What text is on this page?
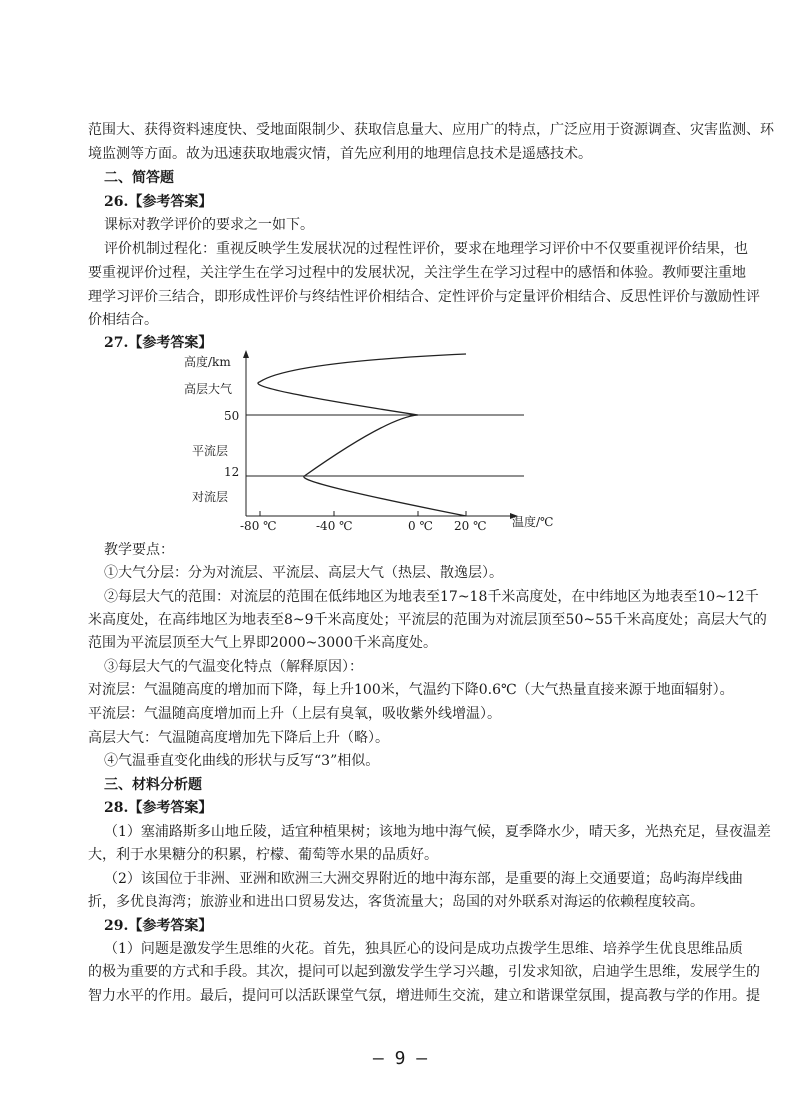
范围大、获得资料速度快、受地面限制少、获取信息量大、应用广的特点，广泛应用于资源调查、灾害监测、环
境监测等方面。故为迅速获取地震灾情，首先应利用的地理信息技术是遥感技术。
二、简答题
26.【参考答案】
课标对教学评价的要求之一如下。
评价机制过程化：重视反映学生发展状况的过程性评价，要求在地理学习评价中不仅要重视评价结果，也
要重视评价过程，关注学生在学习过程中的发展状况，关注学生在学习过程中的感悟和体验。教师要注重地
理学习评价三结合，即形成性评价与终结性评价相结合、定性评价与定量评价相结合、反思性评价与激励性评
价相结合。
27.【参考答案】
高度/km
高层大气
50
平流层
12
对流层
-80 ℃	-40 ℃	0 ℃ 20 ℃ 温度/℃
教学要点：
①大气分层：分为对流层、平流层、高层大气（热层、散逸层）。
②每层大气的范围：对流层的范围在低纬地区为地表至17~18千米高度处，在中纬地区为地表至10~12千
米高度处，在高纬地区为地表至8~9千米高度处；平流层的范围为对流层顶至50~55千米高度处；高层大气的
范围为平流层顶至大气上界即2000~3000千米高度处。
③每层大气的气温变化特点（解释原因）：
对流层：气温随高度的增加而下降，每上升100米，气温约下降0.6℃（大气热量直接来源于地面辐射）。
平流层：气温随高度增加而上升（上层有臭氧，吸收紫外线增温）。
高层大气：气温随高度增加先下降后上升（略）。
④气温垂直变化曲线的形状与反写“3”相似。
三、材料分析题
28.【参考答案】
（1）塞浦路斯多山地丘陵，适宜种植果树；该地为地中海气候，夏季降水少，晴天多，光热充足，昼夜温差
大，利于水果糖分的积累，柠檬、葡萄等水果的品质好。
（2）该国位于非洲、亚洲和欧洲三大洲交界附近的地中海东部，是重要的海上交通要道；岛屿海岸线曲
折，多优良海湾；旅游业和进出口贸易发达，客货流量大；岛国的对外联系对海运的依赖程度较高。
29.【参考答案】
（1）问题是激发学生思维的火花。首先，独具匠心的设问是成功点拨学生思维、培养学生优良思维品质
的极为重要的方式和手段。其次，提问可以起到激发学生学习兴趣，引发求知欲，启迪学生思维，发展学生的
智力水平的作用。最后，提问可以活跃课堂气氛，增进师生交流，建立和谐课堂氛围，提高教与学的作用。提
— 9 —
